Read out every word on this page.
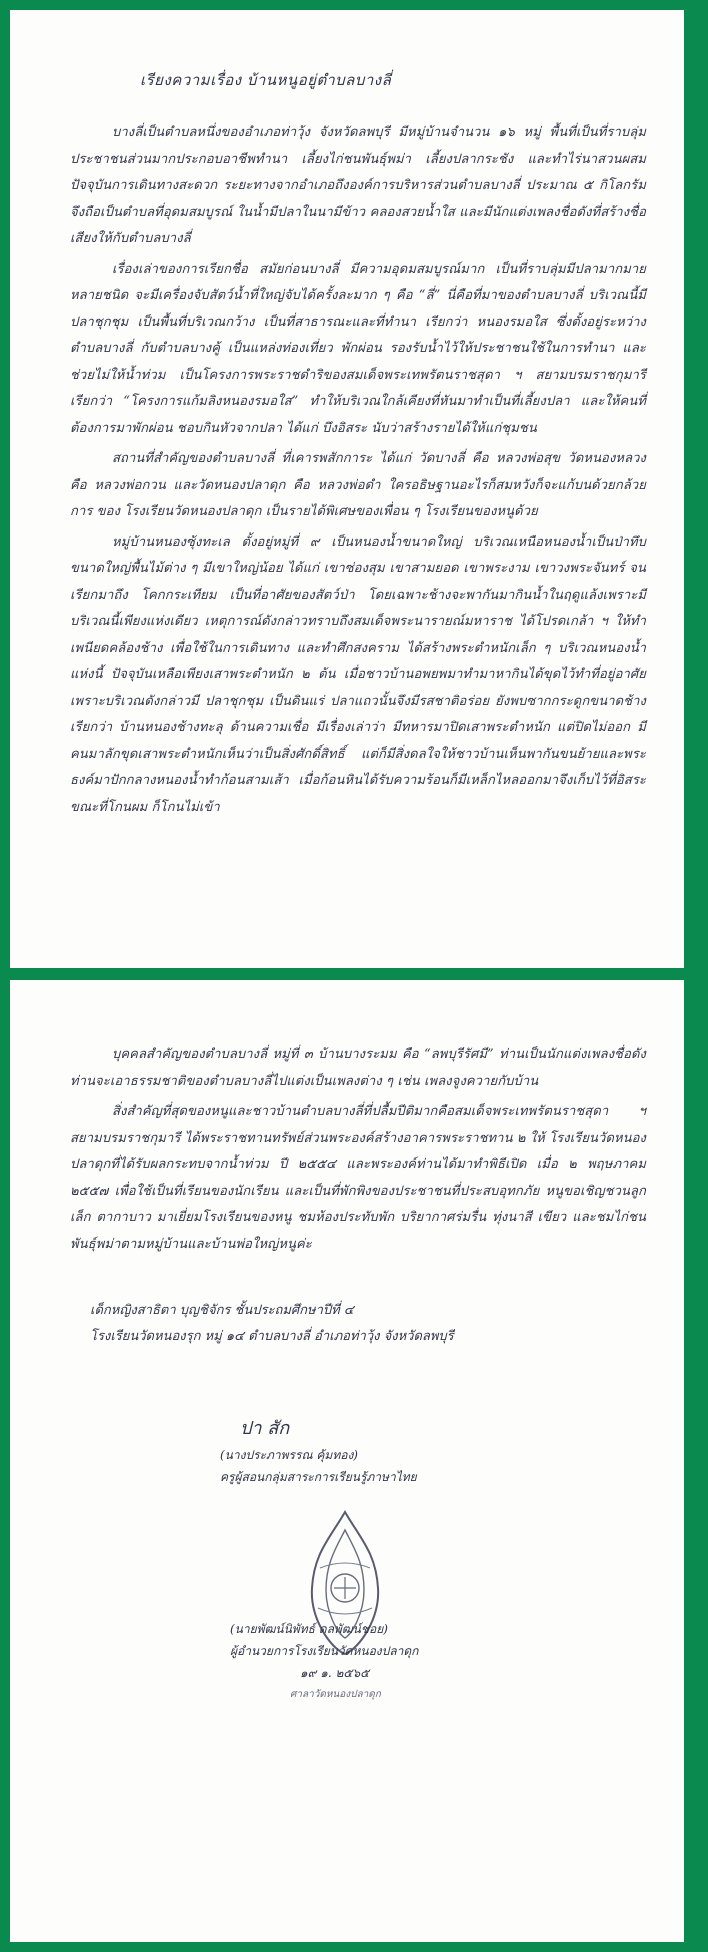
เรียงความเรื่อง บ้านหนูอยู่ตำบลบางลี่

บางลี่เป็นตำบลหนึ่งของอำเภอท่าวุ้ง จังหวัดลพบุรี มีหมู่บ้านจำนวน ๑๖ หมู่ พื้นที่เป็นที่ราบลุ่ม ประชาชนส่วนมากประกอบอาชีพทำนา เลี้ยงไก่ชนพันธุ์พม่า เลี้ยงปลากระชัง และทำไร่นาสวนผสม ปัจจุบันการเดินทางสะดวก ระยะทางจากอำเภอถึงองค์การบริหารส่วนตำบลบางลี่ ประมาณ ๕ กิโลกรัม จึงถือเป็นตำบลที่อุดมสมบูรณ์ ในน้ำมีปลาในนามีข้าว คลองสวยน้ำใส และมีนักแต่งเพลงชื่อดังที่สร้างชื่อเสียงให้กับตำบลบางลี่

เรื่องเล่าของการเรียกชื่อ สมัยก่อนบางลี่ มีความอุดมสมบูรณ์มาก เป็นที่ราบลุ่มมีปลามากมายหลายชนิด จะมีเครื่องจับสัตว์น้ำที่ใหญ่จับได้ครั้งละมาก ๆ คือ “ลี่” นี่คือที่มาของตำบลบางลี่ บริเวณนี้มีปลาชุกชุม เป็นพื้นที่บริเวณกว้าง เป็นที่สาธารณะและที่ทำนา เรียกว่า หนองรมอใส ซึ่งตั้งอยู่ระหว่างตำบลบางลี่ กับตำบลบางคู้ เป็นแหล่งท่องเที่ยว พักผ่อน รองรับน้ำไว้ให้ประชาชนใช้ในการทำนา และช่วยไม่ให้น้ำท่วม เป็นโครงการพระราชดำริของสมเด็จพระเทพรัตนราชสุดา ฯ สยามบรมราชกุมารี เรียกว่า “โครงการแก้มลิงหนองรมอใส” ทำให้บริเวณใกล้เคียงที่หันมาทำเป็นที่เลี้ยงปลา และให้คนที่ต้องการมาพักผ่อน ชอบกินหัวจากปลา ได้แก่ บึงอิสระ นับว่าสร้างรายได้ให้แก่ชุมชน

สถานที่สำคัญของตำบลบางลี่ ที่เคารพสักการะ ได้แก่ วัดบางลี่ คือ หลวงพ่อสุข วัดหนองหลวง คือ หลวงพ่อกวน และวัดหนองปลาดุก คือ หลวงพ่อดำ ใครอธิษฐานอะไรก็สมหวังก็จะแก้บนด้วยกล้วยการ ของ โรงเรียนวัดหนองปลาดุก เป็นรายได้พิเศษของเพื่อน ๆ โรงเรียนของหนูด้วย

หมู่บ้านหนองซุ้งทะเล ตั้งอยู่หมู่ที่ ๙ เป็นหนองน้ำขนาดใหญ่ บริเวณเหนือหนองน้ำเป็นป่าทึบขนาดใหญ่พื้นไม้ต่าง ๆ มีเขาใหญ่น้อย ได้แก่ เขาซ่องสุม เขาสามยอด เขาพระงาม เขาวงพระจันทร์ จนเรียกมาถึง โคกกระเทียม เป็นที่อาศัยของสัตว์ป่า โดยเฉพาะช้างจะพากันมากินน้ำในฤดูแล้งเพราะมีบริเวณนี้เพียงแห่งเดียว เหตุการณ์ดังกล่าวทราบถึงสมเด็จพระนารายณ์มหาราช ได้โปรดเกล้า ฯ ให้ทำเพนียดคล้องช้าง เพื่อใช้ในการเดินทาง และทำศึกสงคราม ได้สร้างพระตำหนักเล็ก ๆ บริเวณหนองน้ำแห่งนี้ ปัจจุบันเหลือเพียงเสาพระตำหนัก ๒ ต้น เมื่อชาวบ้านอพยพมาทำมาหากินได้ขุดไว้ทำที่อยู่อาศัย เพราะบริเวณดังกล่าวมี ปลาชุกชุม เป็นดินแร่ ปลาแถวนั้นจึงมีรสชาติอร่อย ยังพบซากกระดูกขนาดช้าง เรียกว่า บ้านหนองช้างทะลุ ด้านความเชื่อ มีเรื่องเล่าว่า มีทหารมาปิดเสาพระตำหนัก แต่ปิดไม่ออก มีคนมาลักขุดเสาพระตำหนักเห็นว่าเป็นสิ่งศักดิ์สิทธิ์ แต่ก็มีสิ่งดลใจให้ชาวบ้านเห็นพากันขนย้ายและพระธงค์มาปักกลางหนองน้ำทำก้อนสามเส้า เมื่อก้อนหินได้รับความร้อนก็มีเหล็กไหลออกมาจึงเก็บไว้ที่อิสระ ขณะที่โกนผม ก็โกนไม่เข้า

บุคคลสำคัญของตำบลบางลี่ หมู่ที่ ๓ บ้านบางระมม คือ “ลพบุรีรัศมี” ท่านเป็นนักแต่งเพลงชื่อดังท่านจะเอาธรรมชาติของตำบลบางลี่ไปแต่งเป็นเพลงต่าง ๆ เช่น เพลงจูงควายกับบ้าน

สิ่งสำคัญที่สุดของหนูและชาวบ้านตำบลบางลี่ที่ปลื้มปีติมากคือสมเด็จพระเทพรัตนราชสุดา ฯ สยามบรมราชกุมารี ได้พระราชทานทรัพย์ส่วนพระองค์สร้างอาคารพระราชทาน ๒ ให้ โรงเรียนวัดหนองปลาดุกที่ได้รับผลกระทบจากน้ำท่วม ปี ๒๕๕๔ และพระองค์ท่านได้มาทำพิธีเปิด เมื่อ ๒ พฤษภาคม ๒๕๕๗ เพื่อใช้เป็นที่เรียนของนักเรียน และเป็นที่พักพิงของประชาชนที่ประสบอุทกภัย หนูขอเชิญชวนลูกเล็ก ตากาบาว มาเยี่ยมโรงเรียนของหนู ชมห้องประทับพัก บริยากาศร่มรื่น ทุ่งนาสี เขียว และชมไก่ชนพันธุ์พม่าตามหมู่บ้านและบ้านพ่อใหญ่หนูค่ะ

เด็กหญิงสาธิตา บุญชิจักร ชั้นประถมศึกษาปีที่ ๔
โรงเรียนวัดหนองรุก หมู่ ๑๔ ตำบลบางลี่ อำเภอท่าวุ้ง จังหวัดลพบุรี
ปา สัก
(นางประภาพรรณ คุ้มทอง)
ครูผู้สอนกลุ่มสาระการเรียนรู้ภาษาไทย
(นายพัฒน์นิพัทธ์ ดลพัฒน์ชอย)
ผู้อำนวยการโรงเรียนวัดหนองปลาดุก
๑๙ ๑. ๒๕๖๕
ศาลาวัดหนองปลาดุก
